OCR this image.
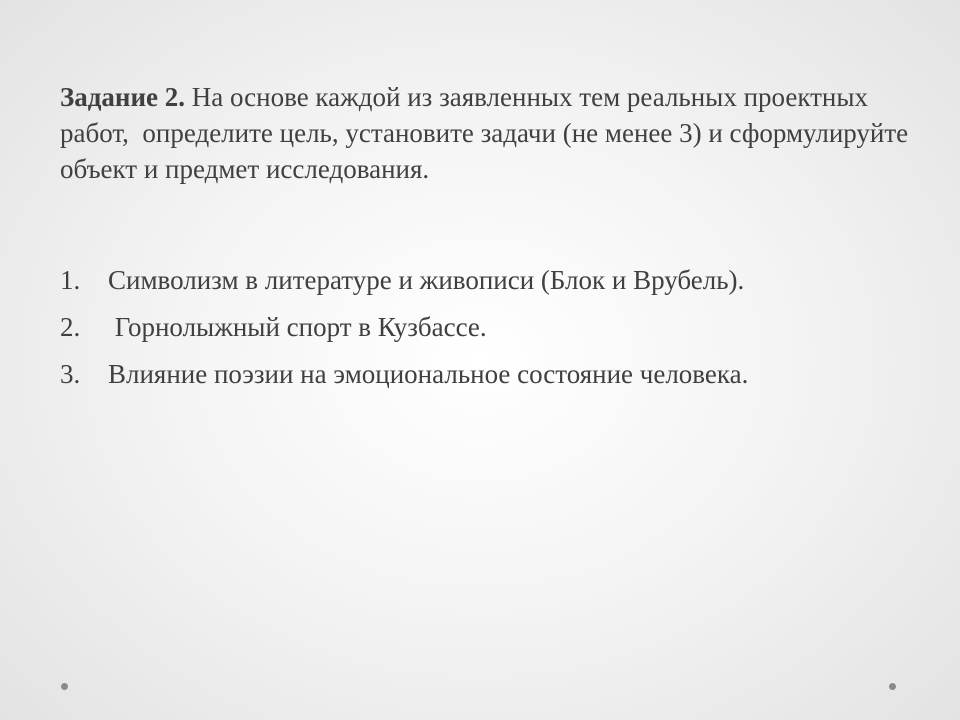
Задание 2. На основе каждой из заявленных тем реальных проектных работ,  определите цель, установите задачи (не менее 3) и сформулируйте объект и предмет исследования.

1.	Символизм в литературе и живописи (Блок и Врубель).
2.	Горнолыжный спорт в Кузбассе.
3.	Влияние поэзии на эмоциональное состояние человека.
